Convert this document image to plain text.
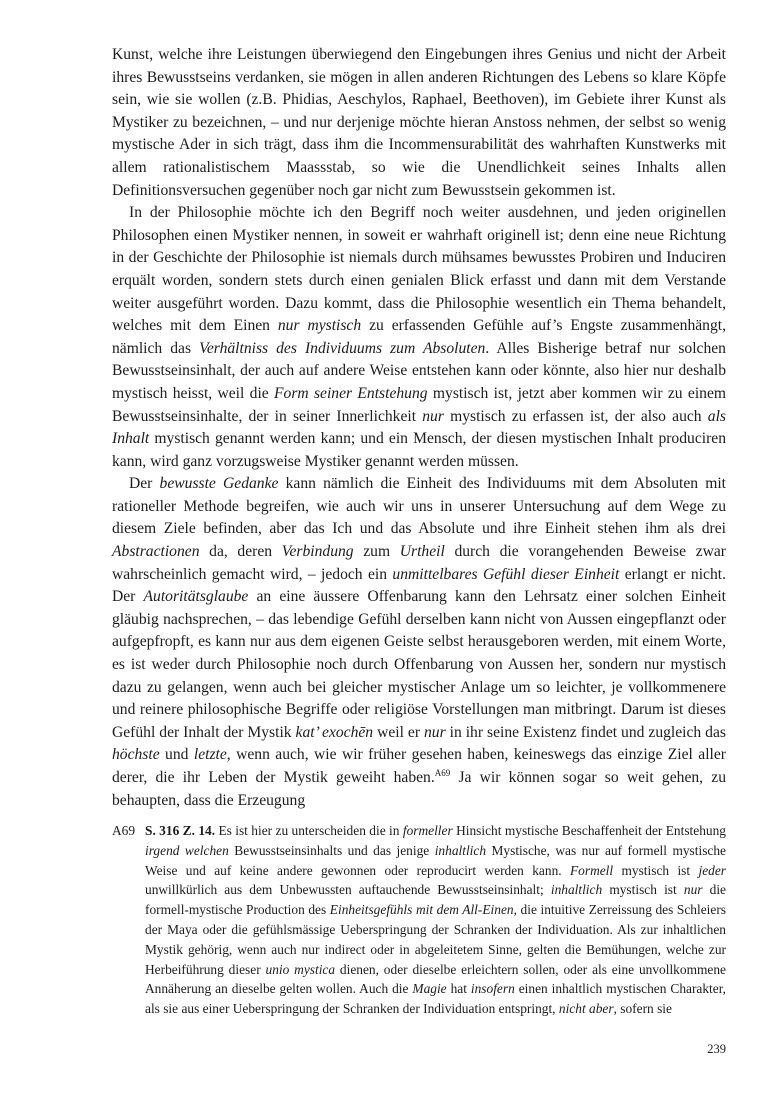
Kunst, welche ihre Leistungen überwiegend den Eingebungen ihres Genius und nicht der Arbeit ihres Bewusstseins verdanken, sie mögen in allen anderen Richtungen des Lebens so klare Köpfe sein, wie sie wollen (z.B. Phidias, Aeschylos, Raphael, Beethoven), im Gebiete ihrer Kunst als Mystiker zu bezeichnen, – und nur derjenige möchte hieran Anstoss nehmen, der selbst so wenig mystische Ader in sich trägt, dass ihm die Incommensurabilität des wahrhaften Kunstwerks mit allem rationalistischem Maassstab, so wie die Unendlichkeit seines Inhalts allen Definitionsversuchen gegenüber noch gar nicht zum Bewusstsein gekommen ist.

In der Philosophie möchte ich den Begriff noch weiter ausdehnen, und jeden originellen Philosophen einen Mystiker nennen, in soweit er wahrhaft originell ist; denn eine neue Richtung in der Geschichte der Philosophie ist niemals durch mühsames bewusstes Probiren und Induciren erquält worden, sondern stets durch einen genialen Blick erfasst und dann mit dem Verstande weiter ausgeführt worden. Dazu kommt, dass die Philosophie wesentlich ein Thema behandelt, welches mit dem Einen nur mystisch zu erfassenden Gefühle auf’s Engste zusammenhängt, nämlich das Verhältniss des Individuums zum Absoluten. Alles Bisherige betraf nur solchen Bewusstseinsinhalt, der auch auf andere Weise entstehen kann oder könnte, also hier nur deshalb mystisch heisst, weil die Form seiner Entstehung mystisch ist, jetzt aber kommen wir zu einem Bewusstseinsinhalte, der in seiner Innerlichkeit nur mystisch zu erfassen ist, der also auch als Inhalt mystisch genannt werden kann; und ein Mensch, der diesen mystischen Inhalt produciren kann, wird ganz vorzugsweise Mystiker genannt werden müssen.

Der bewusste Gedanke kann nämlich die Einheit des Individuums mit dem Absoluten mit rationeller Methode begreifen, wie auch wir uns in unserer Untersuchung auf dem Wege zu diesem Ziele befinden, aber das Ich und das Absolute und ihre Einheit stehen ihm als drei Abstractionen da, deren Verbindung zum Urtheil durch die vorangehenden Beweise zwar wahrscheinlich gemacht wird, – jedoch ein unmittelbares Gefühl dieser Einheit erlangt er nicht. Der Autoritätsglaube an eine äussere Offenbarung kann den Lehrsatz einer solchen Einheit gläubig nachsprechen, – das lebendige Gefühl derselben kann nicht von Aussen eingepflanzt oder aufgepfropft, es kann nur aus dem eigenen Geiste selbst herausgeboren werden, mit einem Worte, es ist weder durch Philosophie noch durch Offenbarung von Aussen her, sondern nur mystisch dazu zu gelangen, wenn auch bei gleicher mystischer Anlage um so leichter, je vollkommenere und reinere philosophische Begriffe oder religiöse Vorstellungen man mitbringt. Darum ist dieses Gefühl der Inhalt der Mystik kat’ exochēn weil er nur in ihr seine Existenz findet und zugleich das höchste und letzte, wenn auch, wie wir früher gesehen haben, keineswegs das einzige Ziel aller derer, die ihr Leben der Mystik geweiht haben.$^{A69}$ Ja wir können sogar so weit gehen, zu behaupten, dass die Erzeugung

A69 S. 316 Z. 14. Es ist hier zu unterscheiden die in formeller Hinsicht mystische Beschaffenheit der Entstehung irgend welchen Bewusstseinsinhalts und das jenige inhaltlich Mystische, was nur auf formell mystische Weise und auf keine andere gewonnen oder reproducirt werden kann. Formell mystisch ist jeder unwillkürlich aus dem Unbewussten auftauchende Bewusstseinsinhalt; inhaltlich mystisch ist nur die formell-mystische Production des Einheitsgefühls mit dem All-Einen, die intuitive Zerreissung des Schleiers der Maya oder die gefühlsmässige Ueberspringung der Schranken der Individuation. Als zur inhaltlichen Mystik gehörig, wenn auch nur indirect oder in abgeleitetem Sinne, gelten die Bemühungen, welche zur Herbeiführung dieser unio mystica dienen, oder dieselbe erleichtern sollen, oder als eine unvollkommene Annäherung an dieselbe gelten wollen. Auch die Magie hat insofern einen inhaltlich mystischen Charakter, als sie aus einer Ueberspringung der Schranken der Individuation entspringt, nicht aber, sofern sie
239
